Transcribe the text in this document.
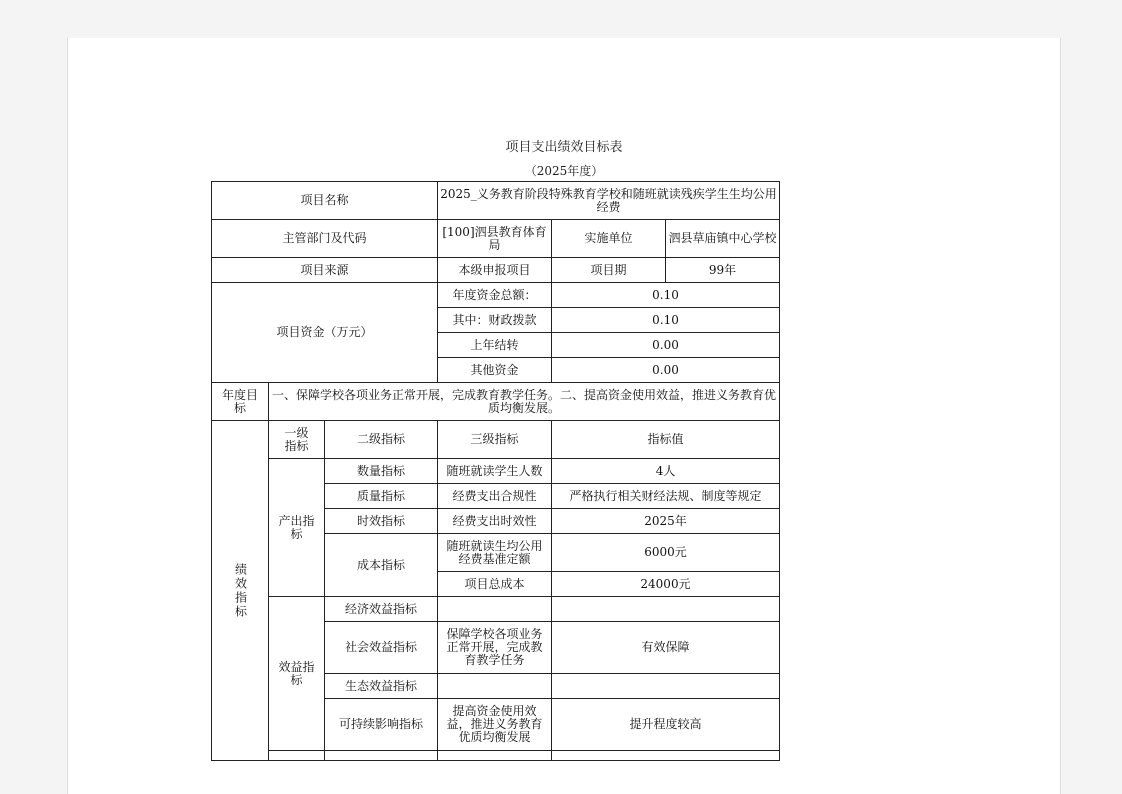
项目支出绩效目标表
（2025年度）
项目名称			2025_义务教育阶段特殊教育学校和随班就读残疾学生生均公用经费		
主管部门及代码			[100]泗县教育体育局	实施单位	泗县草庙镇中心学校
项目来源			本级申报项目	项目期	99年
项目资金（万元）			年度资金总额：	0.10	
			其中：财政拨款	0.10	
			上年结转	0.00	
			其他资金	0.00	
年度目标	一、保障学校各项业务正常开展，完成教育教学任务。二、提高资金使用效益，推进义务教育优质均衡发展。				
绩效指标	一级指标	二级指标	三级指标	指标值	
	产出指标	数量指标	随班就读学生人数	4人	
		质量指标	经费支出合规性	严格执行相关财经法规、制度等规定	
		时效指标	经费支出时效性	2025年	
		成本指标	随班就读生均公用经费基准定额	6000元	
			项目总成本	24000元	
	效益指标	经济效益指标			
		社会效益指标	保障学校各项业务正常开展，完成教育教学任务	有效保障	
		生态效益指标			
		可持续影响指标	提高资金使用效益，推进义务教育优质均衡发展	提升程度较高	
